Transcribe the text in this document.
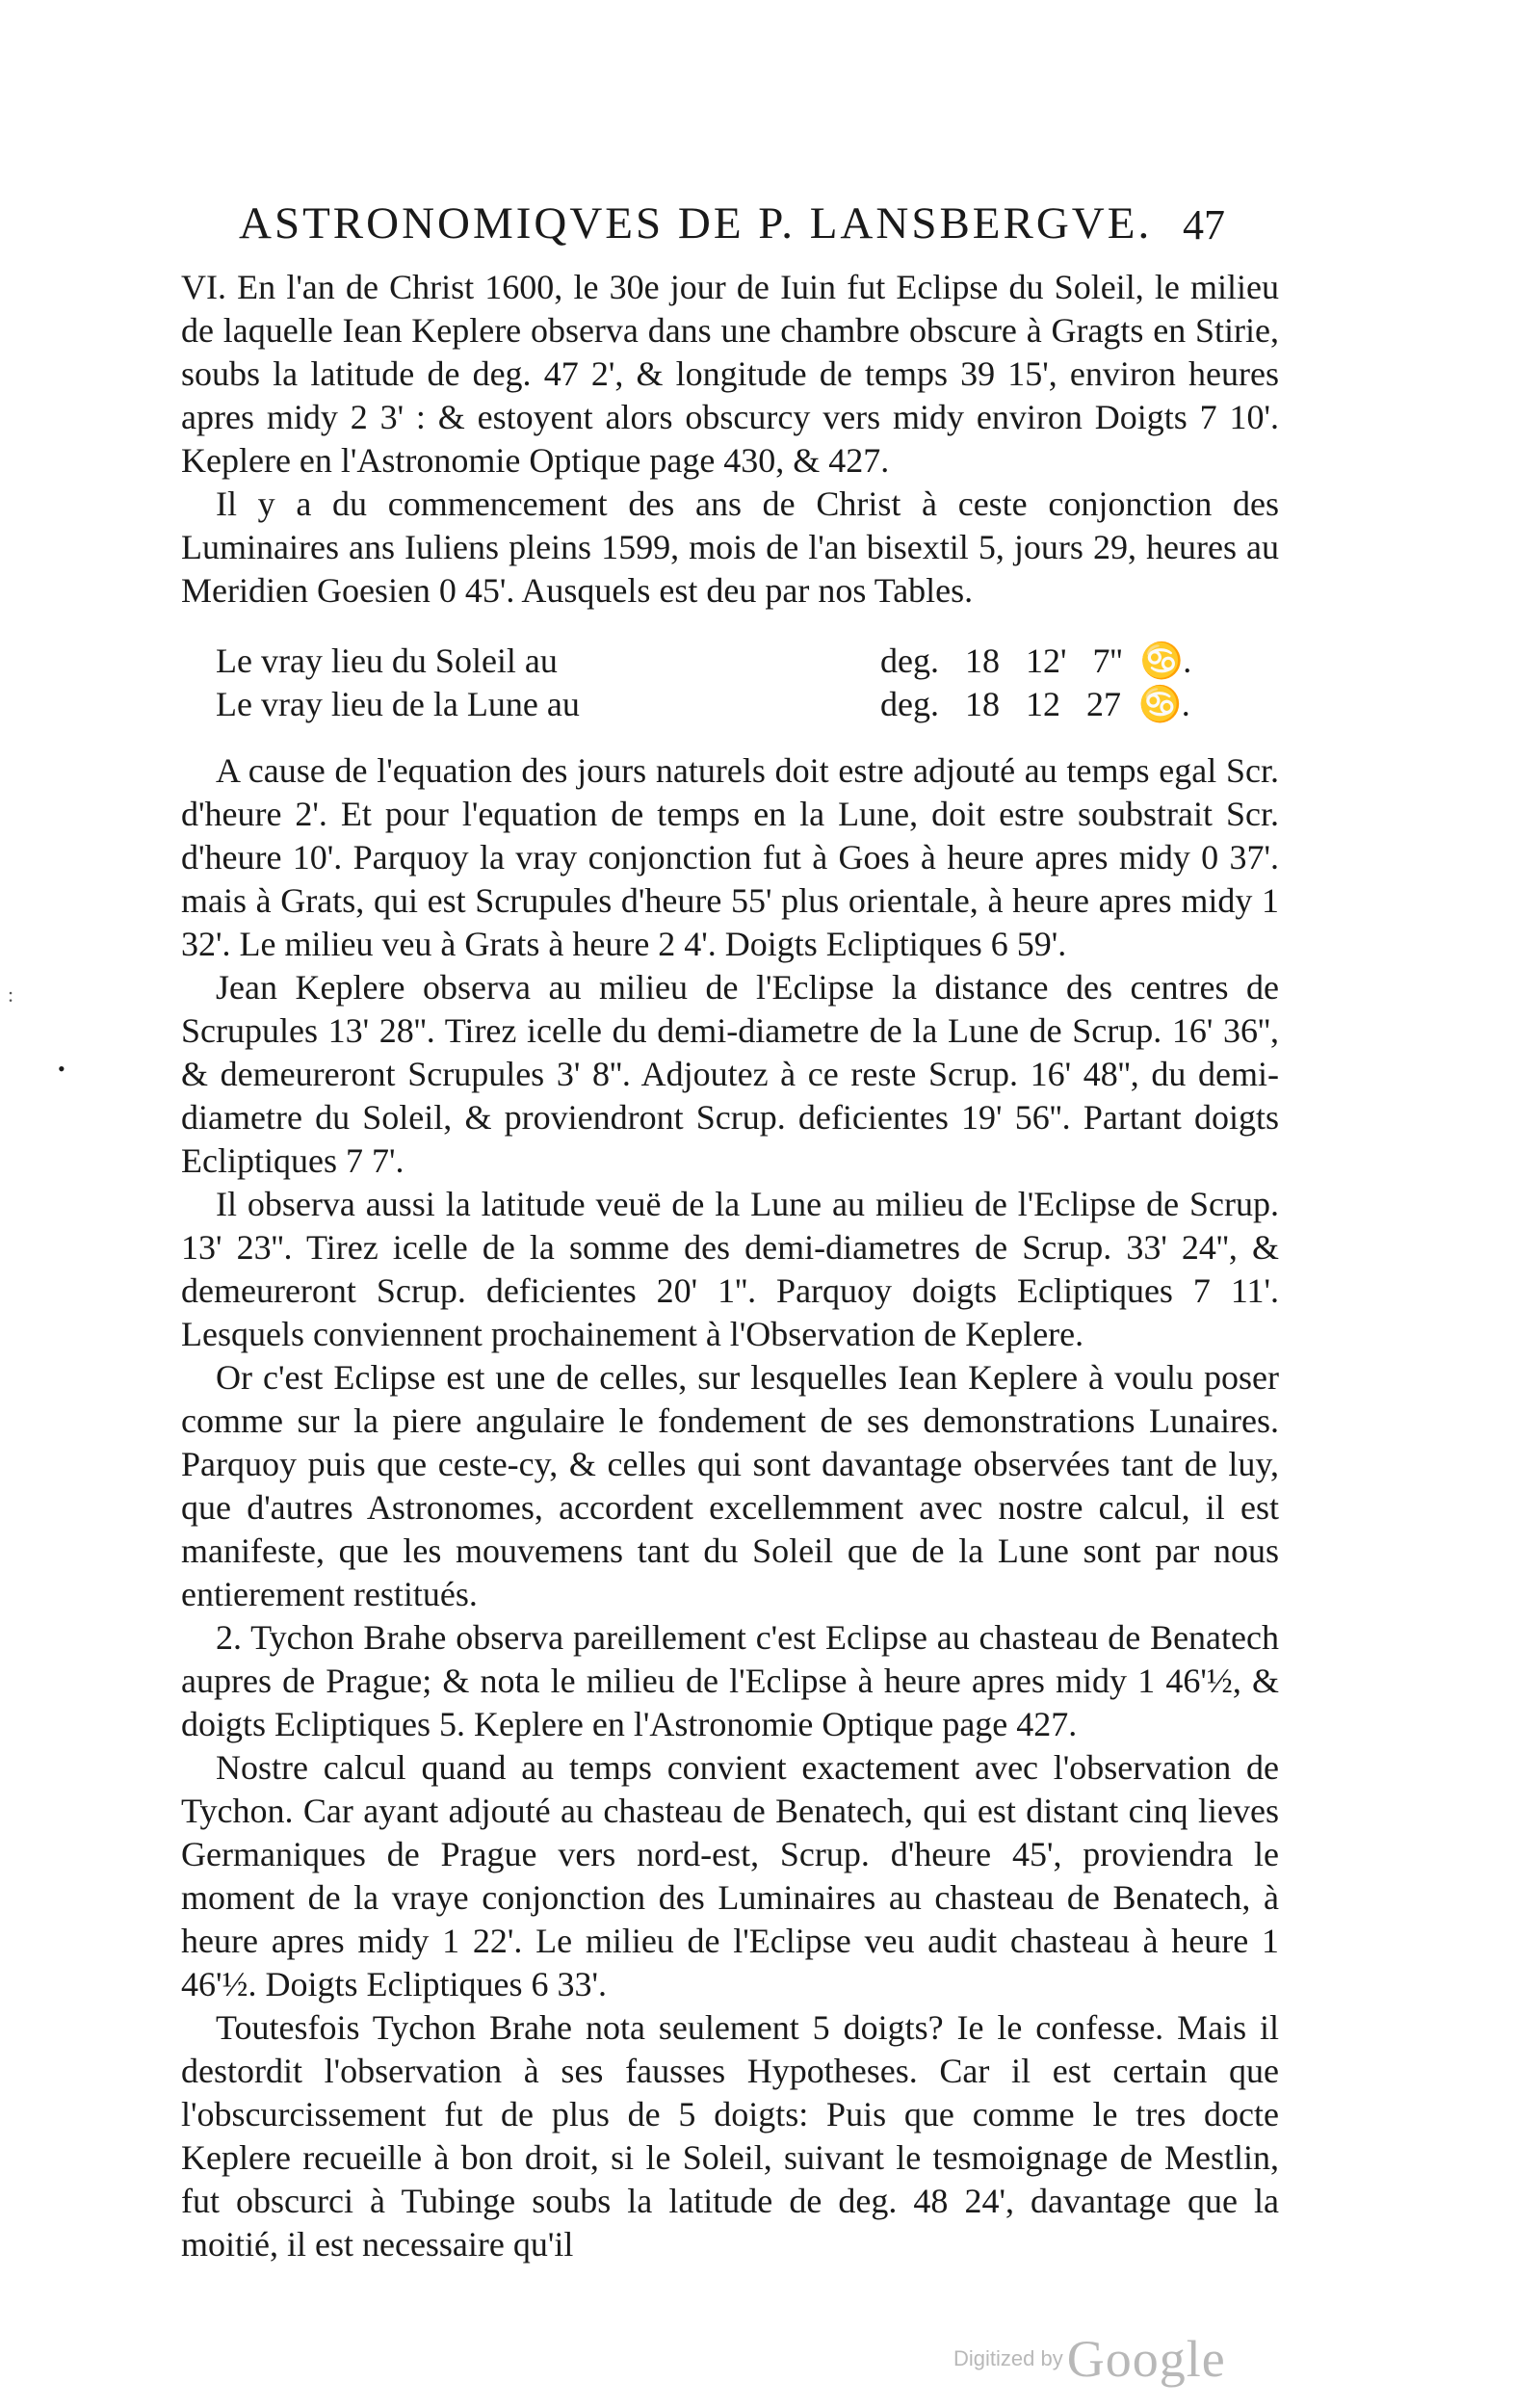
ASTRONOMIQVES DE P. LANSBERGVE. 47
:
•

VI. En l'an de Christ 1600, le 30e jour de Iuin fut Eclipse du Soleil, le milieu de laquelle Iean Keplere observa dans une chambre obscure à Gragts en Stirie, soubs la latitude de deg. 47 2', & longitude de temps 39 15', environ heures apres midy 2 3' : & estoyent alors obscurcy vers midy environ Doigts 7 10'. Keplere en l'Astronomie Optique page 430, & 427.

Il y a du commencement des ans de Christ à ceste conjonction des Luminaires ans Iuliens pleins 1599, mois de l'an bisextil 5, jours 29, heures au Meridien Goesien 0 45'. Ausquels est deu par nos Tables.

Le vray lieu du Soleil au	deg.   18   12'   7''  ♋.
Le vray lieu de la Lune au	deg.   18   12   27  ♋.

A cause de l'equation des jours naturels doit estre adjouté au temps egal Scr. d'heure 2'. Et pour l'equation de temps en la Lune, doit estre soubstrait Scr. d'heure 10'. Parquoy la vray conjonction fut à Goes à heure apres midy 0 37'. mais à Grats, qui est Scrupules d'heure 55' plus orientale, à heure apres midy 1 32'. Le milieu veu à Grats à heure 2 4'. Doigts Ecliptiques 6 59'.

Jean Keplere observa au milieu de l'Eclipse la distance des centres de Scrupules 13' 28''. Tirez icelle du demi-diametre de la Lune de Scrup. 16' 36'', & demeureront Scrupules 3' 8''. Adjoutez à ce reste Scrup. 16' 48'', du demi-diametre du Soleil, & proviendront Scrup. deficientes 19' 56''. Partant doigts Ecliptiques 7 7'.

Il observa aussi la latitude veuë de la Lune au milieu de l'Eclipse de Scrup. 13' 23''. Tirez icelle de la somme des demi-diametres de Scrup. 33' 24'', & demeureront Scrup. deficientes 20' 1''. Parquoy doigts Ecliptiques 7 11'. Lesquels conviennent prochainement à l'Observation de Keplere.

Or c'est Eclipse est une de celles, sur lesquelles Iean Keplere à voulu poser comme sur la piere angulaire le fondement de ses demonstrations Lunaires. Parquoy puis que ceste-cy, & celles qui sont davantage observées tant de luy, que d'autres Astronomes, accordent excellemment avec nostre calcul, il est manifeste, que les mouvemens tant du Soleil que de la Lune sont par nous entierement restitués.

2. Tychon Brahe observa pareillement c'est Eclipse au chasteau de Benatech aupres de Prague; & nota le milieu de l'Eclipse à heure apres midy 1 46'½, & doigts Ecliptiques 5. Keplere en l'Astronomie Optique page 427.

Nostre calcul quand au temps convient exactement avec l'observation de Tychon. Car ayant adjouté au chasteau de Benatech, qui est distant cinq lieves Germaniques de Prague vers nord-est, Scrup. d'heure 45', proviendra le moment de la vraye conjonction des Luminaires au chasteau de Benatech, à heure apres midy 1 22'. Le milieu de l'Eclipse veu audit chasteau à heure 1 46'½. Doigts Ecliptiques 6 33'.

Toutesfois Tychon Brahe nota seulement 5 doigts? Ie le confesse. Mais il destordit l'observation à ses fausses Hypotheses. Car il est certain que l'obscurcissement fut de plus de 5 doigts: Puis que comme le tres docte Keplere recueille à bon droit, si le Soleil, suivant le tesmoignage de Mestlin, fut obscurci à Tubinge soubs la latitude de deg. 48 24', davantage que la moitié, il est necessaire qu'il

Digitized by Google
